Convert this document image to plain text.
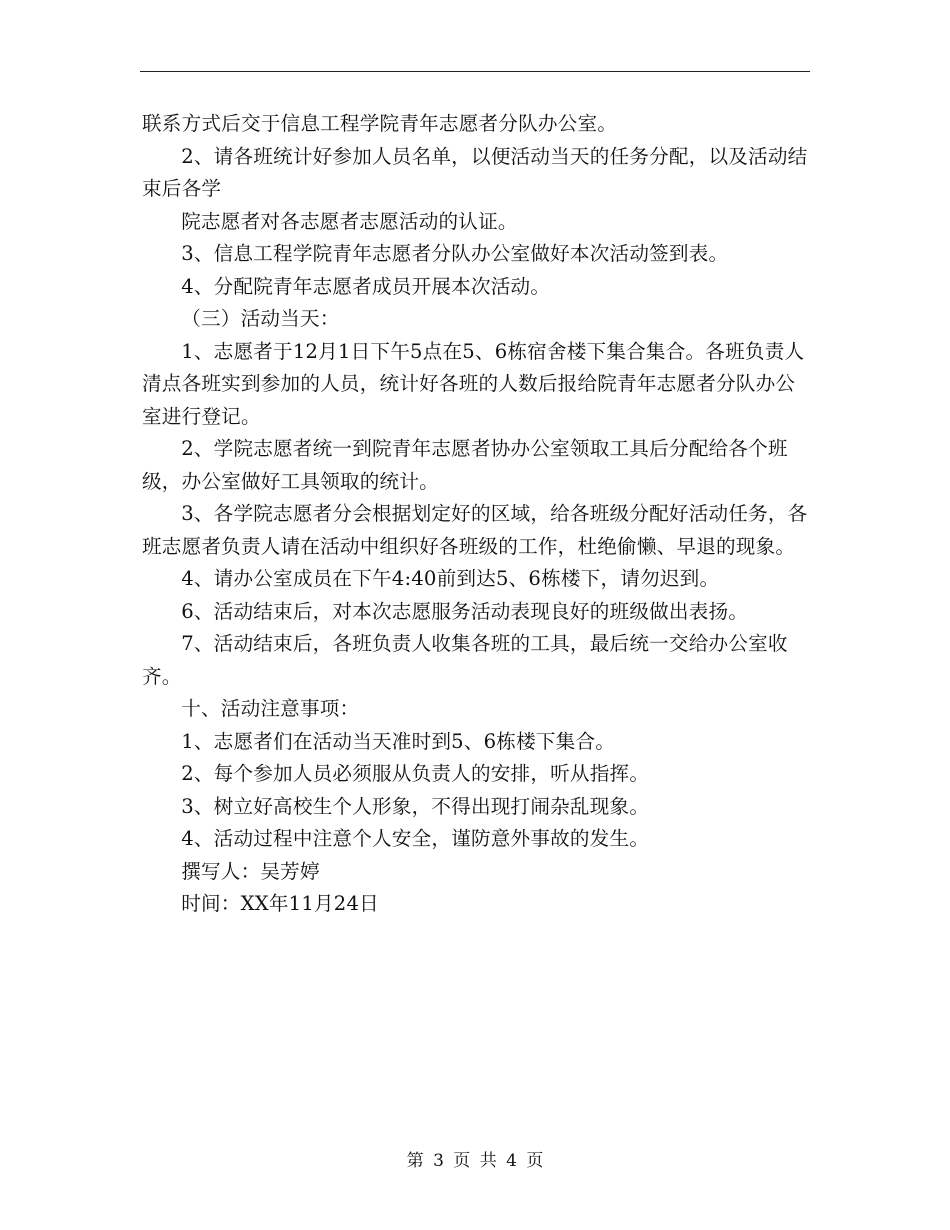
联系方式后交于信息工程学院青年志愿者分队办公室。

2、请各班统计好参加人员名单，以便活动当天的任务分配，以及活动结束后各学

院志愿者对各志愿者志愿活动的认证。

3、信息工程学院青年志愿者分队办公室做好本次活动签到表。

4、分配院青年志愿者成员开展本次活动。

（三）活动当天：

1、志愿者于12月1日下午5点在5、6栋宿舍楼下集合集合。各班负责人清点各班实到参加的人员，统计好各班的人数后报给院青年志愿者分队办公室进行登记。

2、学院志愿者统一到院青年志愿者协办公室领取工具后分配给各个班级，办公室做好工具领取的统计。

3、各学院志愿者分会根据划定好的区域，给各班级分配好活动任务，各班志愿者负责人请在活动中组织好各班级的工作，杜绝偷懒、早退的现象。

4、请办公室成员在下午4:40前到达5、6栋楼下，请勿迟到。

6、活动结束后，对本次志愿服务活动表现良好的班级做出表扬。

7、活动结束后，各班负责人收集各班的工具，最后统一交给办公室收齐。

十、活动注意事项：

1、志愿者们在活动当天准时到5、6栋楼下集合。

2、每个参加人员必须服从负责人的安排，听从指挥。

3、树立好高校生个人形象，不得出现打闹杂乱现象。

4、活动过程中注意个人安全，谨防意外事故的发生。

撰写人：吴芳婷

时间：XX年11月24日

第 3 页 共 4 页
